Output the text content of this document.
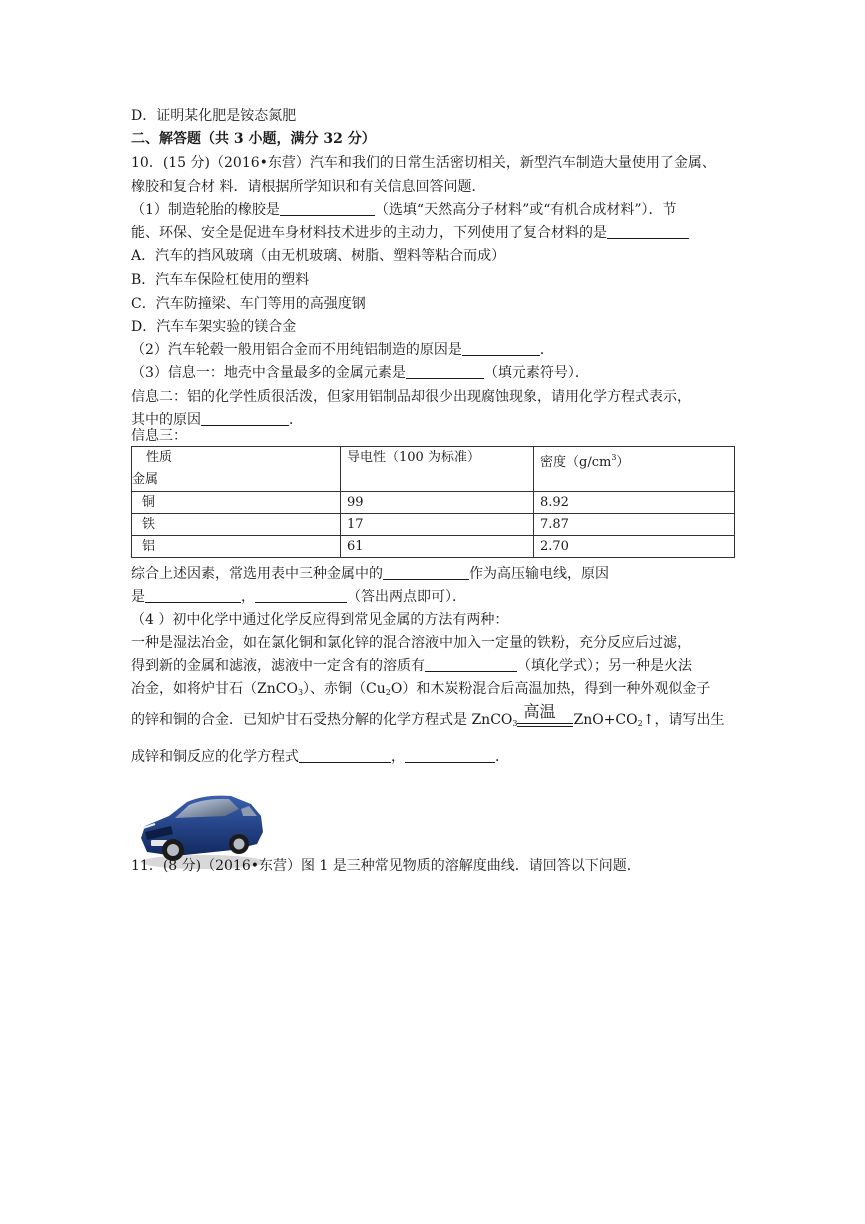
D．证明某化肥是铵态氮肥
二、解答题（共 3 小题，满分 32 分）
10．(15 分)（2016•东营）汽车和我们的日常生活密切相关，新型汽车制造大量使用了金属、
橡胶和复合材 料．请根据所学知识和有关信息回答问题．
（1）制造轮胎的橡胶是	（选填“天然高分子材料”或“有机合成材料”）．节
能、环保、安全是促进车身材料技术进步的主动力，下列使用了复合材料的是
A．汽车的挡风玻璃（由无机玻璃、树脂、塑料等粘合而成）
B．汽车车保险杠使用的塑料
C．汽车防撞梁、车门等用的高强度钢
D．汽车车架实验的镁合金
（2）汽车轮毂一般用铝合金而不用纯铝制造的原因是	．
（3）信息一：地壳中含量最多的金属元素是	（填元素符号）．
信息二：铝的化学性质很活泼，但家用铝制品却很少出现腐蚀现象，请用化学方程式表示，
其中的原因	．
信息三：
性质
金属	导电性（100 为标准）	密度$(g/cm^3)$
铜	99	8.92
铁	17	7.87
铝	61	2.70
综合上述因素，常选用表中三种金属中的	作为高压输电线，原因
是	，	（答出两点即可）．
（4 ）初中化学中通过化学反应得到常见金属的方法有两种：
一种是湿法冶金，如在氯化铜和氯化锌的混合溶液中加入一定量的铁粉，充分反应后过滤，
得到新的金属和滤液，滤液中一定含有的溶质有	（填化学式）；另一种是火法
冶金，如将炉甘石（ZnCO$_3$）、赤铜$(Cu_2O)$和木炭粉混合后高温加热，得到一种外观似金子
的锌和铜的合金．已知炉甘石受热分解的化学方程式是 ZnCO$_3$
高温 $ZnO+CO_2↑$，请写出生
成锌和铜反应的化学方程式	，	．
11．(8 分)（2016•东营）图 1 是三种常见物质的溶解度曲线．请回答以下问题．
